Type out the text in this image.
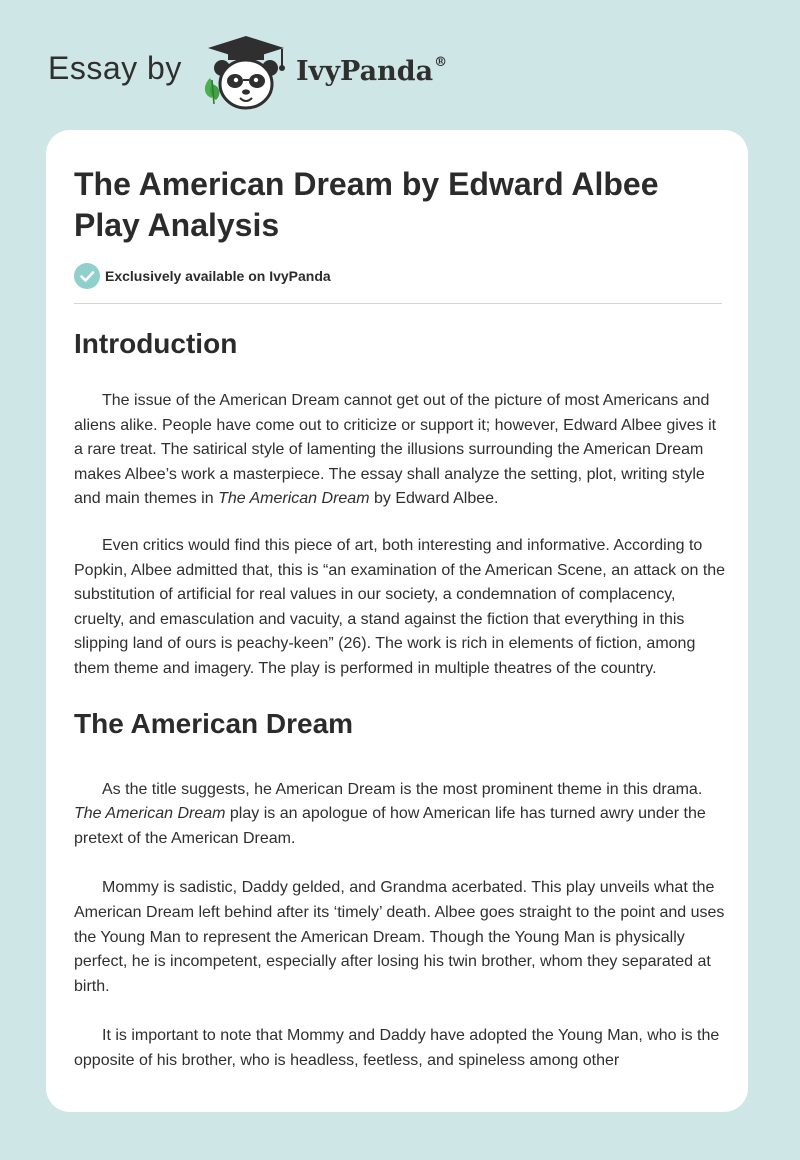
Essay by	IvyPanda®
The American Dream by Edward Albee Play Analysis
Exclusively available on IvyPanda
Introduction

The issue of the American Dream cannot get out of the picture of most Americans and aliens alike. People have come out to criticize or support it; however, Edward Albee gives it a rare treat. The satirical style of lamenting the illusions surrounding the American Dream makes Albee’s work a masterpiece. The essay shall analyze the setting, plot, writing style and main themes in The American Dream by Edward Albee.

Even critics would find this piece of art, both interesting and informative. According to Popkin, Albee admitted that, this is “an examination of the American Scene, an attack on the substitution of artificial for real values in our society, a condemnation of complacency, cruelty, and emasculation and vacuity, a stand against the fiction that everything in this slipping land of ours is peachy-keen” (26). The work is rich in elements of fiction, among them theme and imagery. The play is performed in multiple theatres of the country.

The American Dream

As the title suggests, he American Dream is the most prominent theme in this drama. The American Dream play is an apologue of how American life has turned awry under the pretext of the American Dream.

Mommy is sadistic, Daddy gelded, and Grandma acerbated. This play unveils what the American Dream left behind after its ‘timely’ death. Albee goes straight to the point and uses the Young Man to represent the American Dream. Though the Young Man is physically perfect, he is incompetent, especially after losing his twin brother, whom they separated at birth.

It is important to note that Mommy and Daddy have adopted the Young Man, who is the opposite of his brother, who is headless, feetless, and spineless among other
